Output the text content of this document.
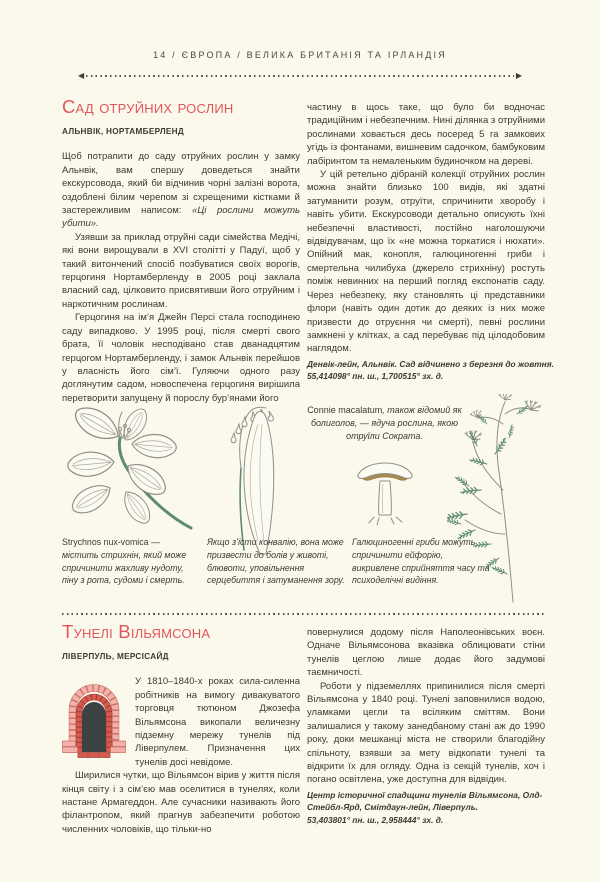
14 / ЄВРОПА / ВЕЛИКА БРИТАНІЯ ТА ІРЛАНДІЯ
◀	▶
Сад отруйних рослин
АЛЬНВІК, НОРТАМБЕРЛЕНД

Щоб потрапити до саду отруйних рослин у замку Альнвік, вам спершу доведеться знайти екскурсовода, який би відчинив чорні залізні ворота, оздоблені білим черепом зі схрещеними кістками й застережливим написом: «Ці рослини можуть убити».

Узявши за приклад отруйні сади сімейства Медічі, які вони вирощували в XVI столітті у Падуї, щоб у такий витончений спосіб позбуватися своїх ворогів, герцогиня Нортамберленду в 2005 році заклала власний сад, цілковито присвятивши його отруйним і наркотичним рослинам.

Герцогиня на ім’я Джейн Персі стала господинею саду випадково. У 1995 році, після смерті свого брата, її чоловік несподівано став дванадцятим герцогом Нортамберленду, і замок Альнвік перейшов у власність його сім’ї. Гуляючи одного разу доглянутим садом, новоспечена герцогиня вирішила перетворити запущену й порослу бур’янами його

частину в щось таке, що було би водночас традиційним і небезпечним. Нині ділянка з отруйними рослинами ховається десь посеред 5 га замкових угідь із фонтанами, вишневим садочком, бамбуковим лабіринтом та немаленьким будиночком на дереві.

У цій ретельно дібраній колекції отруйних рослин можна знайти близько 100 видів, які здатні затуманити розум, отруїти, спричинити хворобу і навіть убити. Екскурсоводи детально описують їхні небезпечні властивості, постійно наголошуючи відвідувачам, що їх «не можна торкатися і нюхати». Опійний мак, конопля, галюциногенні гриби і смертельна чилибуха (джерело стрихніну) ростуть поміж невинних на перший погляд експонатів саду. Через небезпеку, яку становлять ці представники флори (навіть один дотик до деяких із них може призвести до отруєння чи смерті), певні рослини замкнені у клітках, а сад перебуває під цілодобовим наглядом.

Денвік-лейн, Альнвік. Сад відчинено з березня до жовтня.
55,414098° пн. ш., 1,700515° зх. д.
Connie macalatum, також відомий як болиголов, — ядуча рослина, якою отруїли Сократа.
Strychnos nux-vomica — містить стрихнін, який може спричинити жахливу нудоту, піну з рота, судоми і смерть.
Якщо з’їсти конвалію, вона може призвести до болів у животі, блювоти, уповільнення серцебиття і затуманення зору.
Галюциногенні гриби можуть спричинити ейфорію, викривлене сприйняття часу та психоделічні видіння.
Тунелі Вільямсона
ЛІВЕРПУЛЬ, МЕРСІСАЙД

У 1810–1840-х роках сила-силенна робітників на вимогу дивакуватого торговця тютюном Джозефа Вільямсона викопали величезну підземну мережу тунелів під Ліверпулем. Призначення цих тунелів досі невідоме.

Ширилися чутки, що Вільямсон вірив у життя після кінця світу і з сім’єю мав оселитися в тунелях, коли настане Армагеддон. Але сучасники називають його філантропом, який прагнув забезпечити роботою численних чоловіків, що тільки-но

повернулися додому після Наполеонівських воєн. Одначе Вільямсонова вказівка облицювати стіни тунелів цеглою лише додає його задумові таємничості.

Роботи у підземеллях припинилися після смерті Вільямсона у 1840 році. Тунелі заповнилися водою, уламками цегли та всіляким сміттям. Вони залишалися у такому занедбаному стані аж до 1990 року, доки мешканці міста не створили благодійну спільноту, взявши за мету відкопати тунелі та відкрити їх для огляду. Одна із секцій тунелів, хоч і погано освітлена, уже доступна для відвідин.

Центр історичної спадщини тунелів Вільямсона, Олд-Стейбл-Ярд, Смітдаун-лейн, Ліверпуль.
53,403801° пн. ш., 2,958444° зх. д.
